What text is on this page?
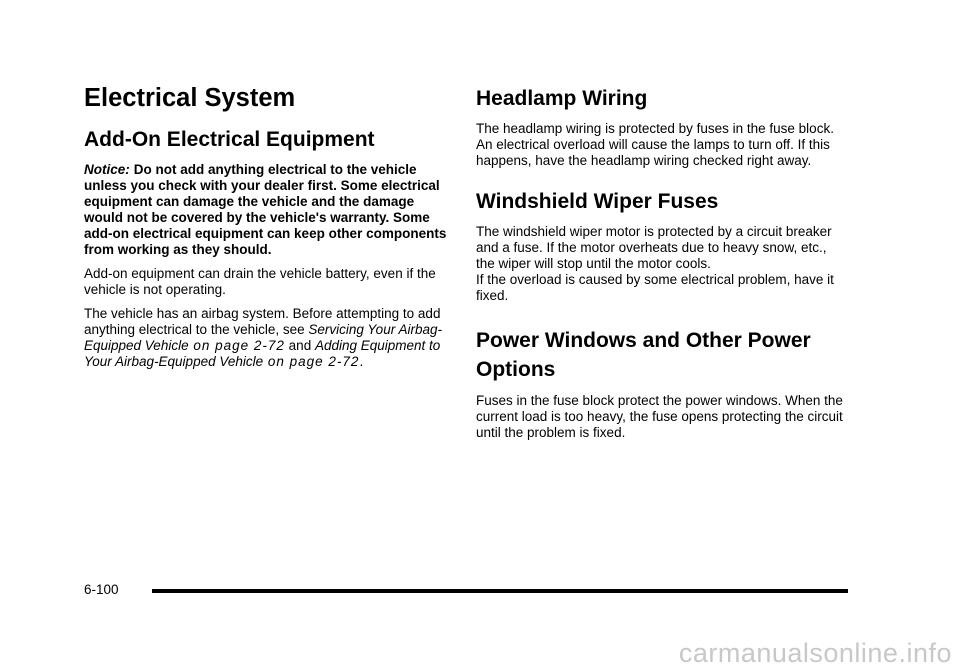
Electrical System
Add-On Electrical Equipment

Notice: Do not add anything electrical to the vehicle unless you check with your dealer first. Some electrical equipment can damage the vehicle and the damage would not be covered by the vehicle's warranty. Some add-on electrical equipment can keep other components from working as they should.

Add-on equipment can drain the vehicle battery, even if the vehicle is not operating.

The vehicle has an airbag system. Before attempting to add anything electrical to the vehicle, see Servicing Your Airbag-Equipped Vehicle on page 2-72 and Adding Equipment to Your Airbag-Equipped Vehicle on page 2-72.

Headlamp Wiring

The headlamp wiring is protected by fuses in the fuse block. An electrical overload will cause the lamps to turn off. If this happens, have the headlamp wiring checked right away.

Windshield Wiper Fuses

The windshield wiper motor is protected by a circuit breaker and a fuse. If the motor overheats due to heavy snow, etc., the wiper will stop until the motor cools.
If the overload is caused by some electrical problem, have it fixed.

Power Windows and Other Power Options

Fuses in the fuse block protect the power windows. When the current load is too heavy, the fuse opens protecting the circuit until the problem is fixed.

6-100
carmanualsonline.info
